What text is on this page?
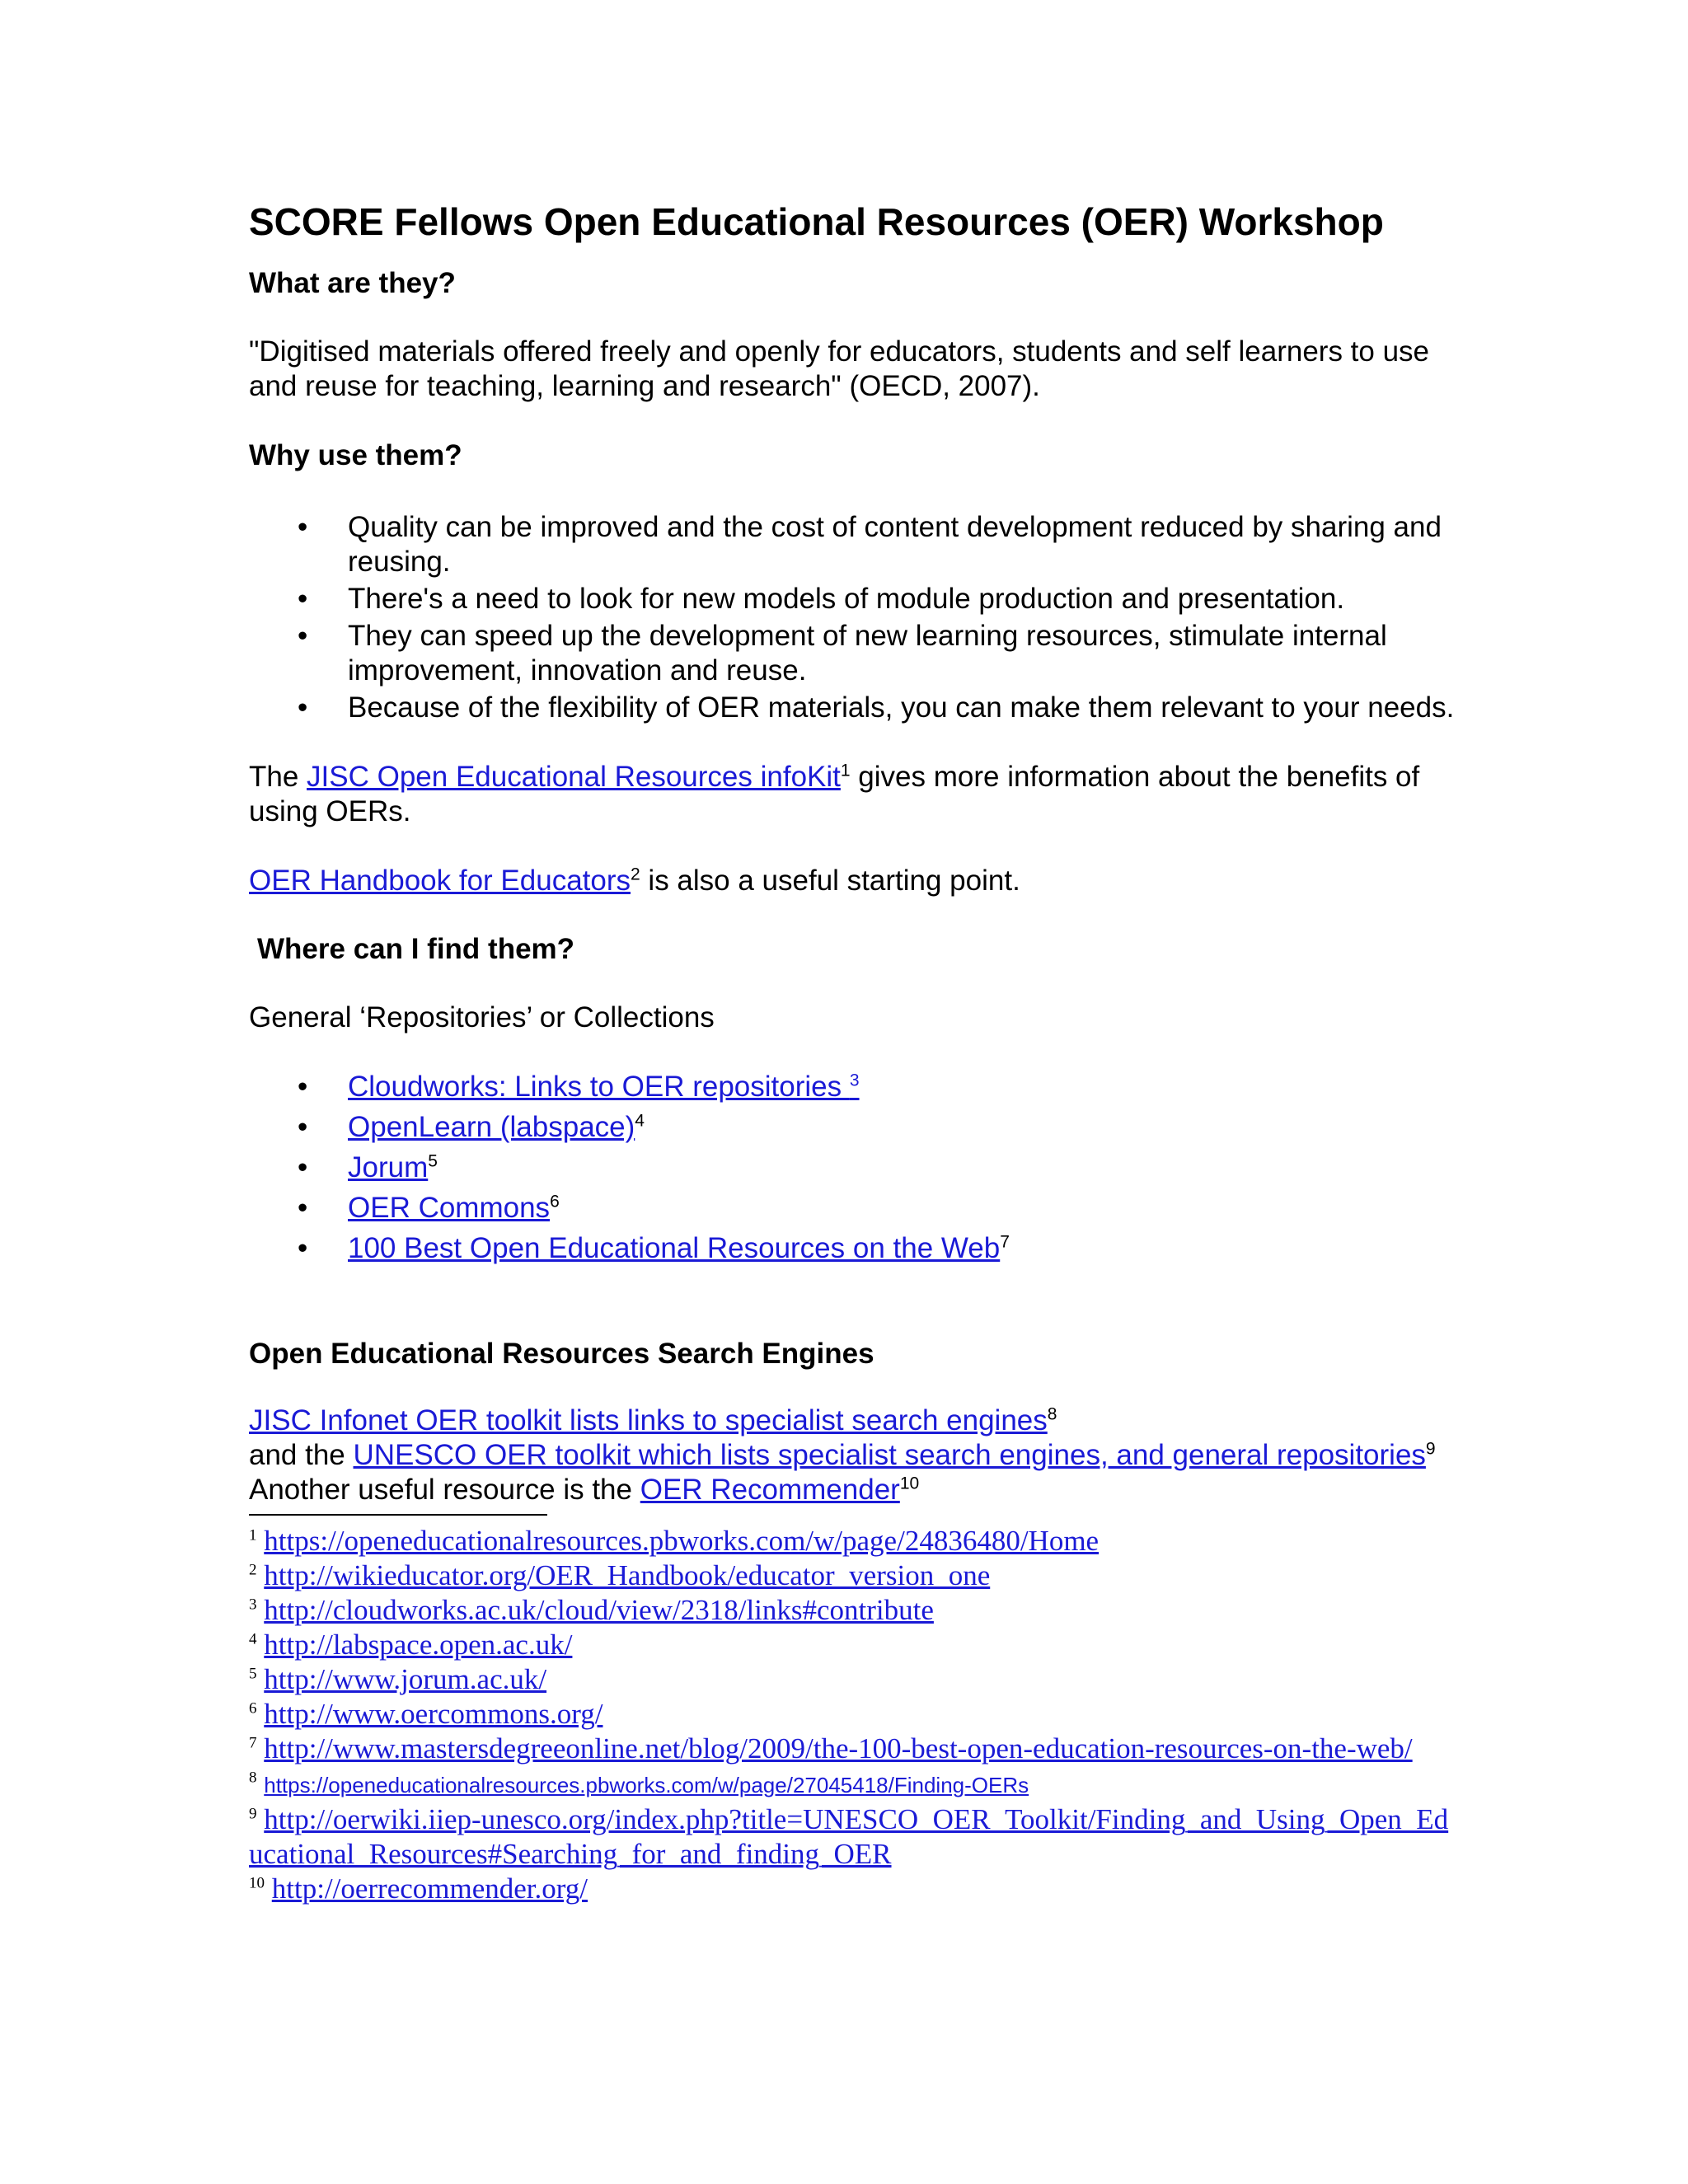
SCORE Fellows Open Educational Resources (OER) Workshop
What are they?

"Digitised materials offered freely and openly for educators, students and self learners to use and reuse for teaching, learning and research" (OECD, 2007).

Why use them?
• Quality can be improved and the cost of content development reduced by sharing and reusing.
• There's a need to look for new models of module production and presentation.
• They can speed up the development of new learning resources, stimulate internal improvement, innovation and reuse.
• Because of the flexibility of OER materials, you can make them relevant to your needs.

The JISC Open Educational Resources infoKit$^1$ gives more information about the benefits of using OERs.

OER Handbook for Educators$^2$ is also a useful starting point.

Where can I find them?

General ‘Repositories’ or Collections

• Cloudworks: Links to OER repositories $^3$
• OpenLearn (labspace)$^4$
• Jorum$^5$
• OER Commons$^6$
• 100 Best Open Educational Resources on the Web$^7$
Open Educational Resources Search Engines

JISC Infonet OER toolkit lists links to specialist search engines$^8$
and the UNESCO OER toolkit which lists specialist search engines, and general repositories$^9$ Another useful resource is the OER Recommender$^{10}$

$^1$ https://openeducationalresources.pbworks.com/w/page/24836480/Home

$^2$ http://wikieducator.org/OER_Handbook/educator_version_one

$^3$ http://cloudworks.ac.uk/cloud/view/2318/links#contribute

$^4$ http://labspace.open.ac.uk/

$^5$ http://www.jorum.ac.uk/

$^6$ http://www.oercommons.org/

$^7$ http://www.mastersdegreeonline.net/blog/2009/the-100-best-open-education-resources-on-the-web/

$^8$ https://openeducationalresources.pbworks.com/w/page/27045418/Finding-OERs

$^9$ http://oerwiki.iiep-unesco.org/index.php?title=UNESCO_OER_Toolkit/Finding_and_Using_Open_Educational_Resources#Searching_for_and_finding_OER

$^{10}$ http://oerrecommender.org/
